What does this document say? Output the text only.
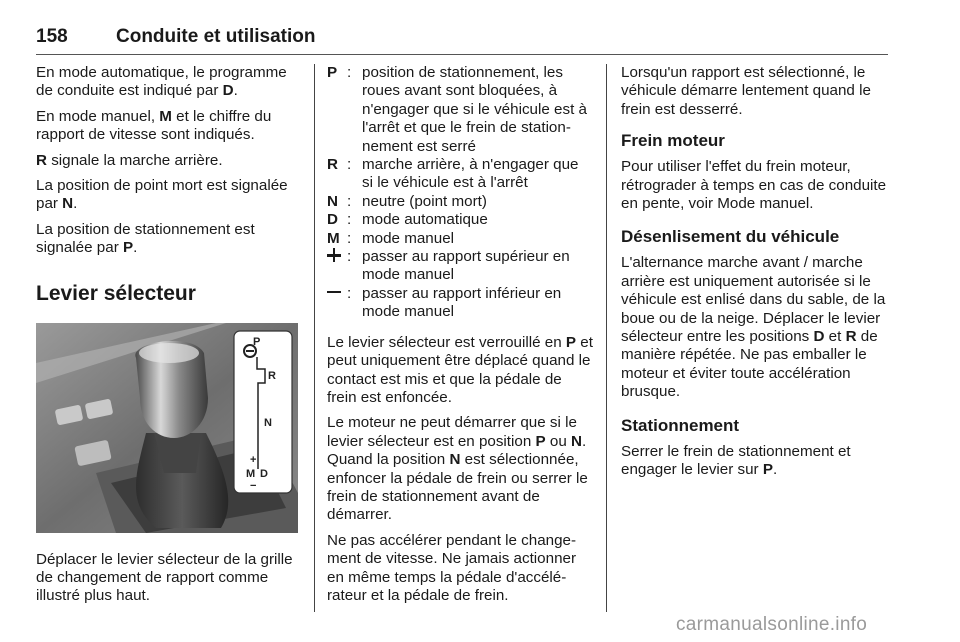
158	Conduite et utilisation

En mode automatique, le programme de conduite est indiqué par D.

En mode manuel, M et le chiffre du rapport de vitesse sont indiqués.

R signale la marche arrière.

La position de point mort est signalée par N.

La position de stationnement est signalée par P.

Levier sélecteur
P
R
N
+
M D
−

Déplacer le levier sélecteur de la grille de changement de rapport comme illustré plus haut.

P : position de stationnement, les roues avant sont bloquées, à n'engager que si le véhicule est à l'arrêt et que le frein de stationnement est serré
R : marche arrière, à n'engager que si le véhicule est à l'arrêt
N : neutre (point mort)
D : mode automatique
M : mode manuel
: passer au rapport supérieur en mode manuel
: passer au rapport inférieur en mode manuel

Le levier sélecteur est verrouillé en P et peut uniquement être déplacé quand le contact est mis et que la pédale de frein est enfoncée.

Le moteur ne peut démarrer que si le levier sélecteur est en position P ou N. Quand la position N est sélectionnée, enfoncer la pédale de frein ou serrer le frein de stationnement avant de démarrer.

Ne pas accélérer pendant le changement de vitesse. Ne jamais actionner en même temps la pédale d'accélérateur et la pédale de frein.

Lorsqu'un rapport est sélectionné, le véhicule démarre lentement quand le frein est desserré.

Frein moteur

Pour utiliser l'effet du frein moteur, rétrograder à temps en cas de conduite en pente, voir Mode manuel.

Désenlisement du véhicule

L'alternance marche avant / marche arrière est uniquement autorisée si le véhicule est enlisé dans du sable, de la boue ou de la neige. Déplacer le levier sélecteur entre les positions D et R de manière répétée. Ne pas emballer le moteur et éviter toute accélération brusque.

Stationnement

Serrer le frein de stationnement et engager le levier sur P.

carmanualsonline.info
